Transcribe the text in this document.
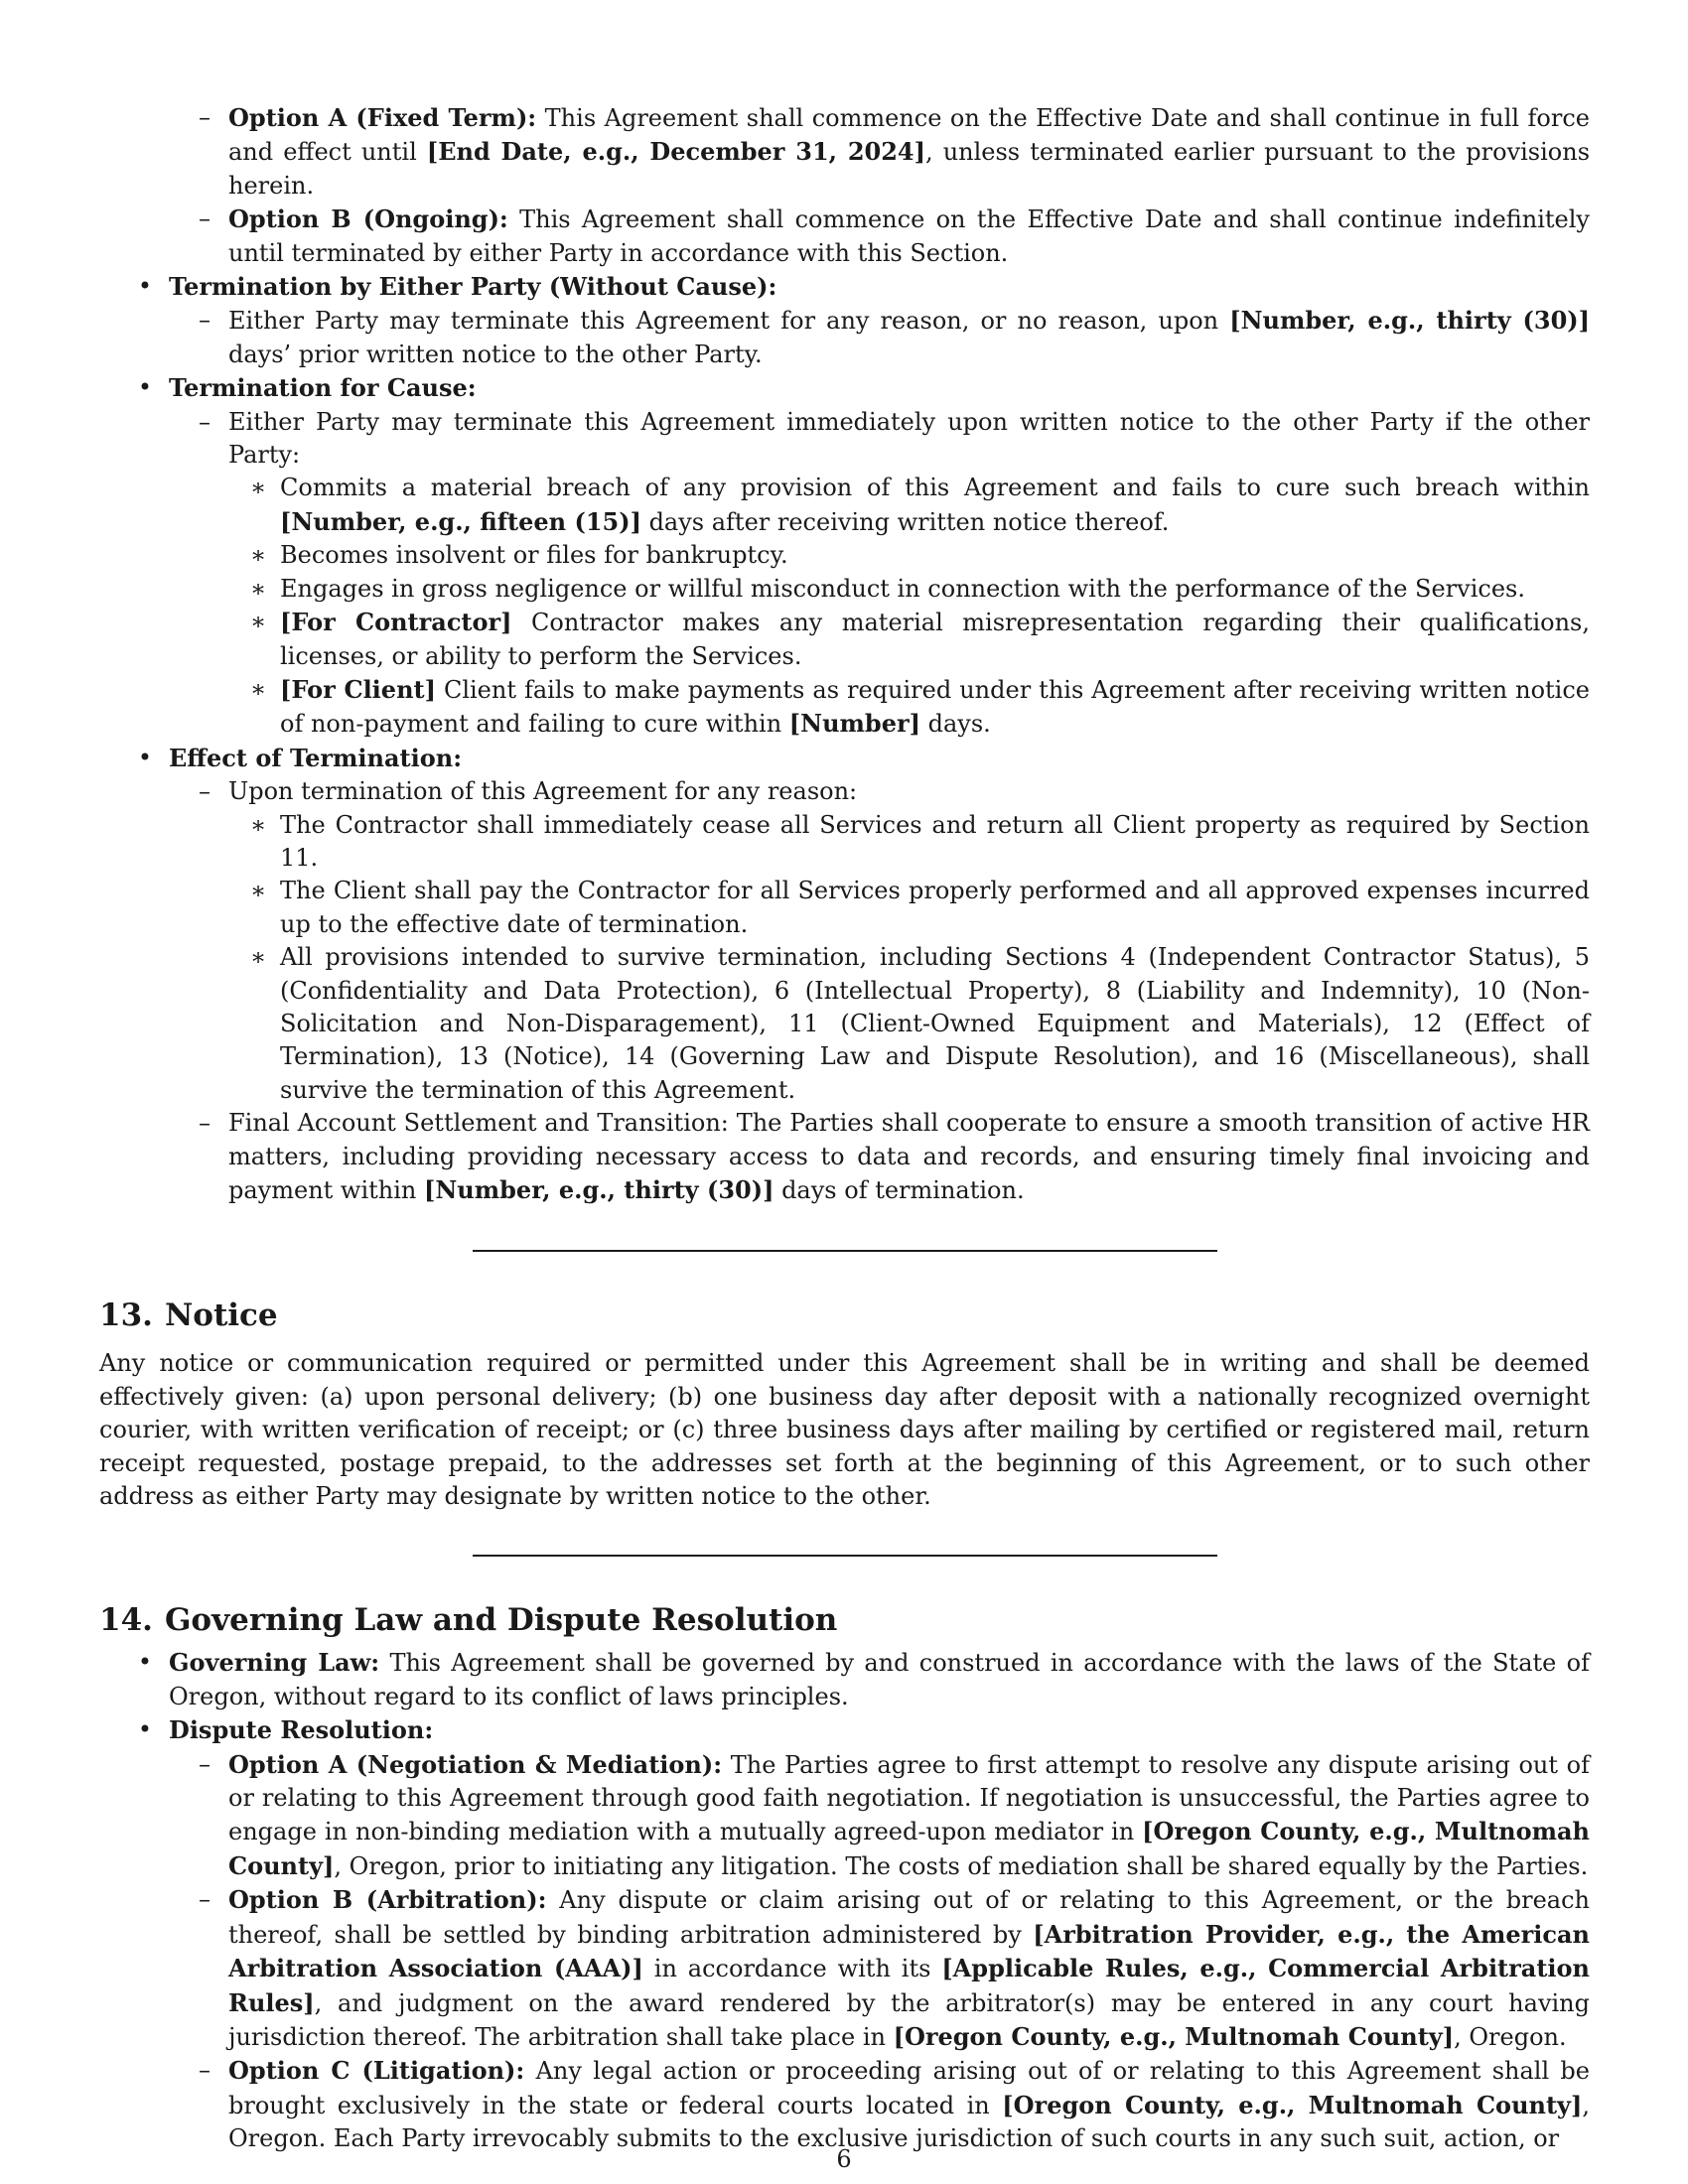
– Option A (Fixed Term): This Agreement shall commence on the Effective Date and shall continue in full force and effect until [End Date, e.g., December 31, 2024], unless terminated earlier pursuant to the provisions herein.
– Option B (Ongoing): This Agreement shall commence on the Effective Date and shall continue indefinitely until terminated by either Party in accordance with this Section.
• Termination by Either Party (Without Cause):
– Either Party may terminate this Agreement for any reason, or no reason, upon [Number, e.g., thirty (30)] days’ prior written notice to the other Party.
• Termination for Cause:
– Either Party may terminate this Agreement immediately upon written notice to the other Party if the other Party:
∗ Commits a material breach of any provision of this Agreement and fails to cure such breach within [Number, e.g., fifteen (15)] days after receiving written notice thereof.
∗ Becomes insolvent or files for bankruptcy.
∗ Engages in gross negligence or willful misconduct in connection with the performance of the Services.
∗ [For Contractor] Contractor makes any material misrepresentation regarding their qualifications, licenses, or ability to perform the Services.
∗ [For Client] Client fails to make payments as required under this Agreement after receiving written notice of non-payment and failing to cure within [Number] days.
• Effect of Termination:
– Upon termination of this Agreement for any reason:
∗ The Contractor shall immediately cease all Services and return all Client property as required by Section 11.
∗ The Client shall pay the Contractor for all Services properly performed and all approved expenses incurred up to the effective date of termination.
∗ All provisions intended to survive termination, including Sections 4 (Independent Contractor Status), 5 (Confidentiality and Data Protection), 6 (Intellectual Property), 8 (Liability and Indemnity), 10 (Non-Solicitation and Non-Disparagement), 11 (Client-Owned Equipment and Materials), 12 (Effect of Termination), 13 (Notice), 14 (Governing Law and Dispute Resolution), and 16 (Miscellaneous), shall survive the termination of this Agreement.
– Final Account Settlement and Transition: The Parties shall cooperate to ensure a smooth transition of active HR matters, including providing necessary access to data and records, and ensuring timely final invoicing and payment within [Number, e.g., thirty (30)] days of termination.
13. Notice
Any notice or communication required or permitted under this Agreement shall be in writing and shall be deemed effectively given: (a) upon personal delivery; (b) one business day after deposit with a nationally recognized overnight courier, with written verification of receipt; or (c) three business days after mailing by certified or registered mail, return receipt requested, postage prepaid, to the addresses set forth at the beginning of this Agreement, or to such other address as either Party may designate by written notice to the other.
14. Governing Law and Dispute Resolution
• Governing Law: This Agreement shall be governed by and construed in accordance with the laws of the State of Oregon, without regard to its conflict of laws principles.
• Dispute Resolution:
– Option A (Negotiation & Mediation): The Parties agree to first attempt to resolve any dispute arising out of or relating to this Agreement through good faith negotiation. If negotiation is unsuccessful, the Parties agree to engage in non-binding mediation with a mutually agreed-upon mediator in [Oregon County, e.g., Multnomah County], Oregon, prior to initiating any litigation. The costs of mediation shall be shared equally by the Parties.
– Option B (Arbitration): Any dispute or claim arising out of or relating to this Agreement, or the breach thereof, shall be settled by binding arbitration administered by [Arbitration Provider, e.g., the American Arbitration Association (AAA)] in accordance with its [Applicable Rules, e.g., Commercial Arbitration Rules], and judgment on the award rendered by the arbitrator(s) may be entered in any court having jurisdiction thereof. The arbitration shall take place in [Oregon County, e.g., Multnomah County], Oregon.
– Option C (Litigation): Any legal action or proceeding arising out of or relating to this Agreement shall be brought exclusively in the state or federal courts located in [Oregon County, e.g., Multnomah County], Oregon. Each Party irrevocably submits to the exclusive jurisdiction of such courts in any such suit, action, or
6
